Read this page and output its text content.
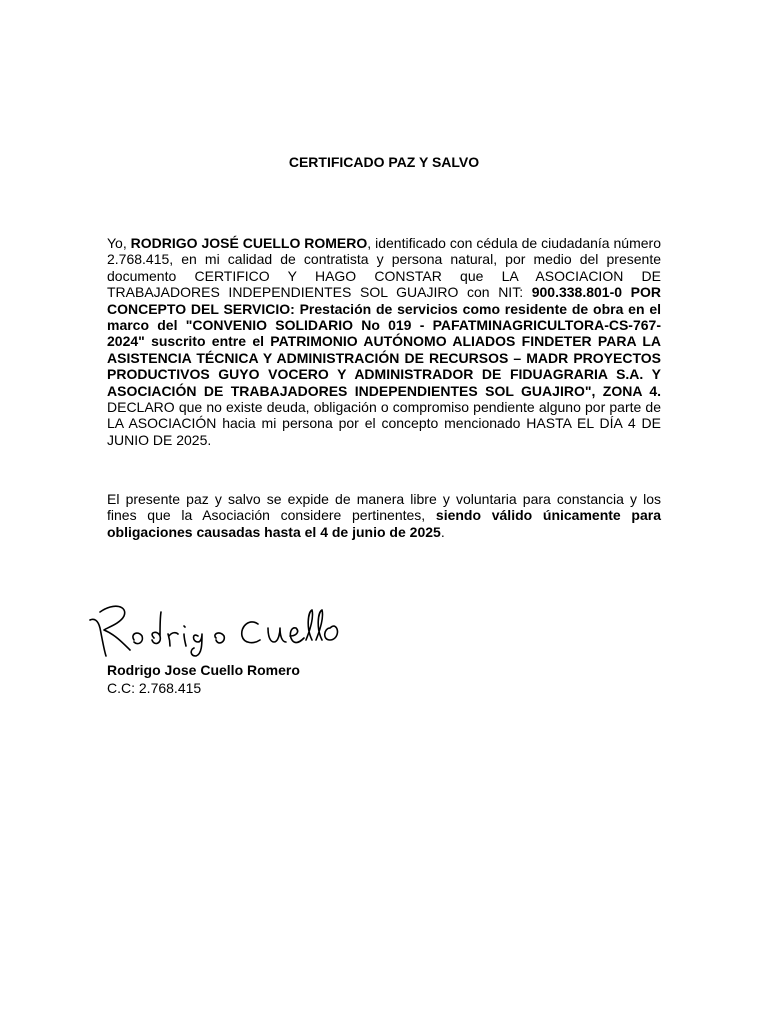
CERTIFICADO PAZ Y SALVO
Yo, RODRIGO JOSÉ CUELLO ROMERO, identificado con cédula de ciudadanía número 2.768.415, en mi calidad de contratista y persona natural, por medio del presente documento CERTIFICO Y HAGO CONSTAR que LA ASOCIACION DE TRABAJADORES INDEPENDIENTES SOL GUAJIRO con NIT: 900.338.801-0 POR CONCEPTO DEL SERVICIO: Prestación de servicios como residente de obra en el marco del "CONVENIO SOLIDARIO No 019 - PAFATMINAGRICULTORA-CS-767-2024" suscrito entre el PATRIMONIO AUTÓNOMO ALIADOS FINDETER PARA LA ASISTENCIA TÉCNICA Y ADMINISTRACIÓN DE RECURSOS – MADR PROYECTOS PRODUCTIVOS GUYO VOCERO Y ADMINISTRADOR DE FIDUAGRARIA S.A. Y ASOCIACIÓN DE TRABAJADORES INDEPENDIENTES SOL GUAJIRO", ZONA 4. DECLARO que no existe deuda, obligación o compromiso pendiente alguno por parte de LA ASOCIACIÓN hacia mi persona por el concepto mencionado HASTA EL DÍA 4 DE JUNIO DE 2025.
El presente paz y salvo se expide de manera libre y voluntaria para constancia y los fines que la Asociación considere pertinentes, siendo válido únicamente para obligaciones causadas hasta el 4 de junio de 2025.
Rodrigo Jose Cuello Romero
C.C: 2.768.415
